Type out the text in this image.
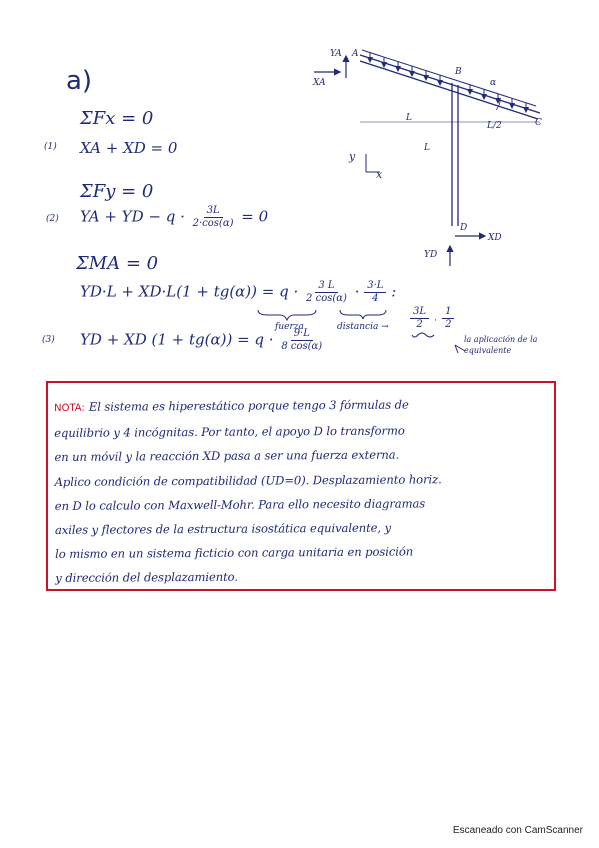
a)
ΣFx = 0
(1) XA + XD = 0
ΣFy = 0
(2) YA + YD − $q \cdot \frac{3L}{2\cdot\cos(\alpha)} = 0$
ΣMA = 0
$YD\cdot L + XD\cdot L(1 + tg(\alpha)) = q \cdot \frac{3 L}{2 \cos(\alpha)} \cdot \frac{3\cdot L}{4}$ :
fuerza	distancia → $\frac{3L}{2} \cdot \frac{1}{2}$
la aplicación de la
equivalente
(3) YD + XD $(1 + tg(\alpha)) = q \cdot \frac{9\cdot L}{8 \cos(\alpha)}$
A
B
C
D
YA
XA
XD
YD
L
L/2
α
L
y
x
NOTA: El sistema es hiperestático porque tengo 3 fórmulas de
equilibrio y 4 incógnitas. Por tanto, el apoyo D lo transformo
en un móvil y la reacción XD pasa a ser una fuerza externa.
Aplico condición de compatibilidad (UD=0). Desplazamiento horiz.
en D lo calculo con Maxwell-Mohr. Para ello necesito diagramas
axiles y flectores de la estructura isostática equivalente, y
lo mismo en un sistema ficticio con carga unitaria en posición
y dirección del desplazamiento.
Escaneado con CamScanner
